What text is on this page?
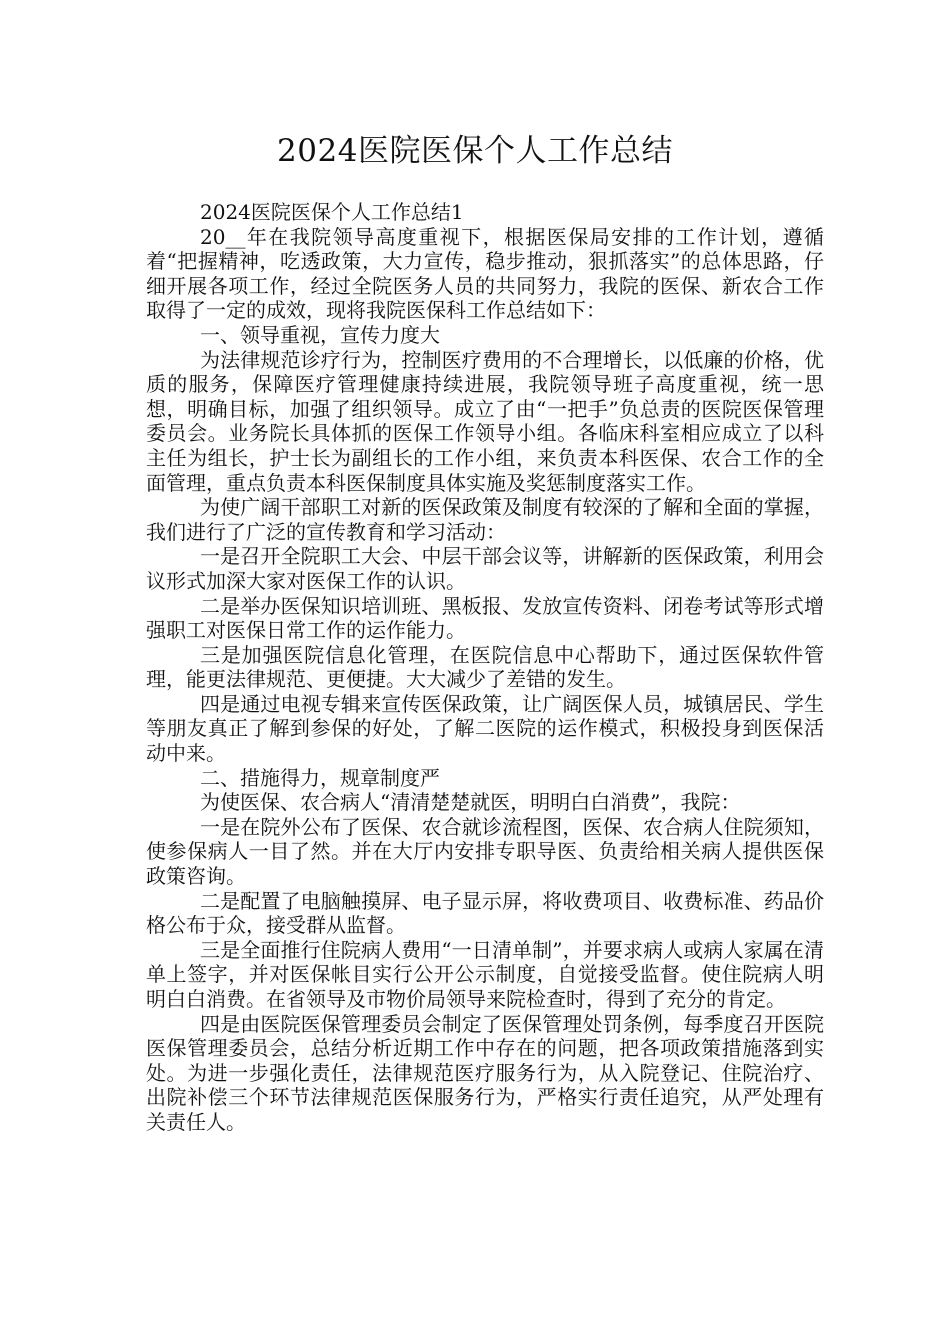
2024医院医保个人工作总结

2024医院医保个人工作总结1

20__年在我院领导高度重视下，根据医保局安排的工作计划，遵循着“把握精神，吃透政策，大力宣传，稳步推动，狠抓落实”的总体思路，仔细开展各项工作，经过全院医务人员的共同努力，我院的医保、新农合工作取得了一定的成效，现将我院医保科工作总结如下：

一、领导重视，宣传力度大

为法律规范诊疗行为，控制医疗费用的不合理增长，以低廉的价格，优质的服务，保障医疗管理健康持续进展，我院领导班子高度重视，统一思想，明确目标，加强了组织领导。成立了由“一把手”负总责的医院医保管理委员会。业务院长具体抓的医保工作领导小组。各临床科室相应成立了以科主任为组长，护士长为副组长的工作小组，来负责本科医保、农合工作的全面管理，重点负责本科医保制度具体实施及奖惩制度落实工作。

为使广阔干部职工对新的医保政策及制度有较深的了解和全面的掌握，我们进行了广泛的宣传教育和学习活动：

一是召开全院职工大会、中层干部会议等，讲解新的医保政策，利用会议形式加深大家对医保工作的认识。

二是举办医保知识培训班、黑板报、发放宣传资料、闭卷考试等形式增强职工对医保日常工作的运作能力。

三是加强医院信息化管理，在医院信息中心帮助下，通过医保软件管理，能更法律规范、更便捷。大大减少了差错的发生。

四是通过电视专辑来宣传医保政策，让广阔医保人员，城镇居民、学生等朋友真正了解到参保的好处，了解二医院的运作模式，积极投身到医保活动中来。

二、措施得力，规章制度严

为使医保、农合病人“清清楚楚就医，明明白白消费”，我院：

一是在院外公布了医保、农合就诊流程图，医保、农合病人住院须知，使参保病人一目了然。并在大厅内安排专职导医、负责给相关病人提供医保政策咨询。

二是配置了电脑触摸屏、电子显示屏，将收费项目、收费标准、药品价格公布于众，接受群从监督。

三是全面推行住院病人费用“一日清单制”，并要求病人或病人家属在清单上签字，并对医保帐目实行公开公示制度，自觉接受监督。使住院病人明明白白消费。在省领导及市物价局领导来院检查时，得到了充分的肯定。

四是由医院医保管理委员会制定了医保管理处罚条例，每季度召开医院医保管理委员会，总结分析近期工作中存在的问题，把各项政策措施落到实处。为进一步强化责任，法律规范医疗服务行为，从入院登记、住院治疗、出院补偿三个环节法律规范医保服务行为，严格实行责任追究，从严处理有关责任人。
